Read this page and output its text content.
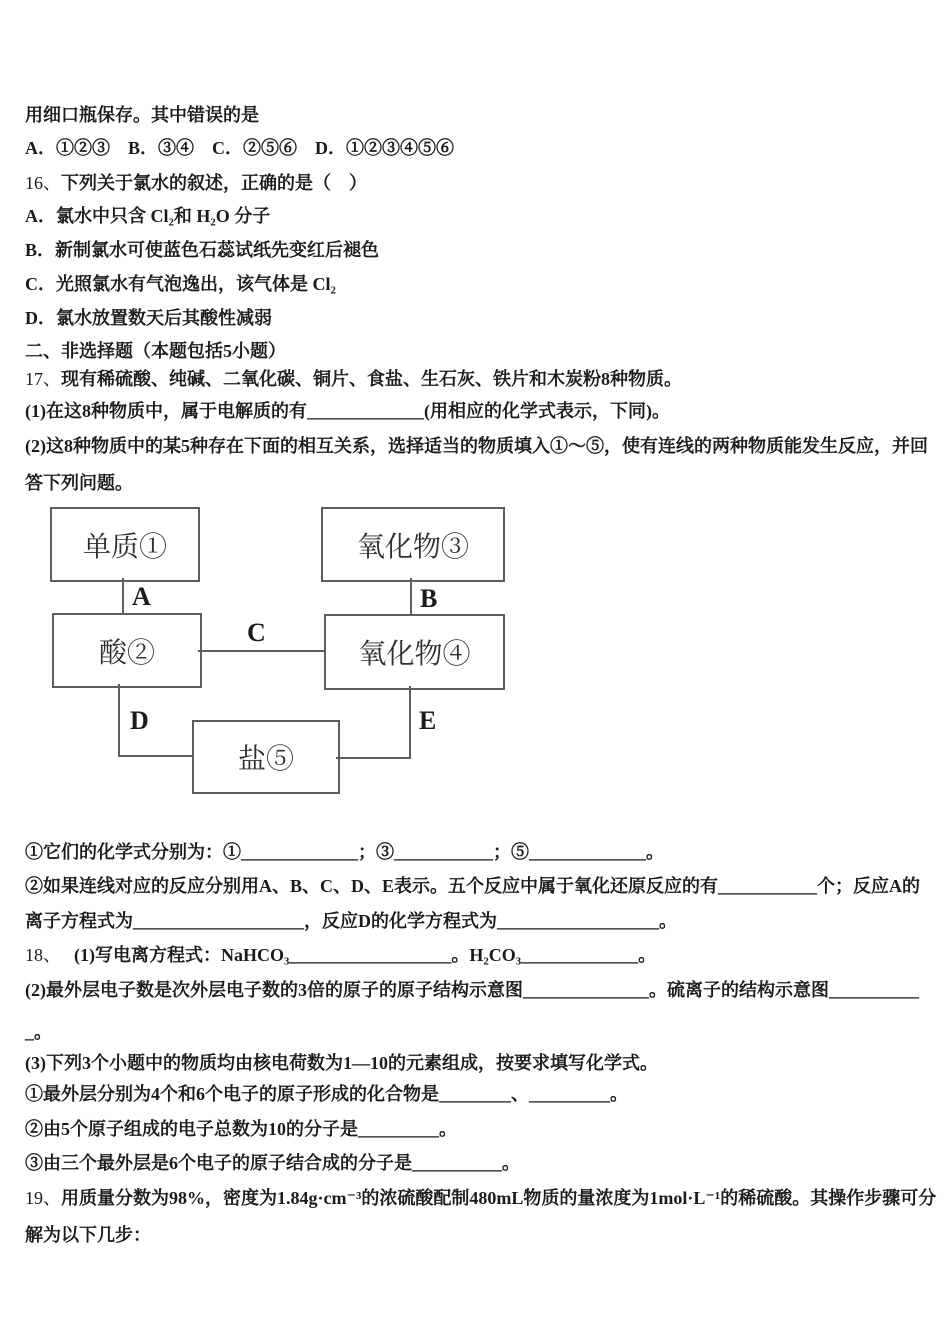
用细口瓶保存。其中错误的是

A．①②③　B．③④　C．②⑤⑥　D．①②③④⑤⑥

16、下列关于氯水的叙述，正确的是（　）

A．氯水中只含 Cl₂和 H₂O 分子

B．新制氯水可使蓝色石蕊试纸先变红后褪色

C．光照氯水有气泡逸出，该气体是 Cl₂

D．氯水放置数天后其酸性减弱

二、非选择题（本题包括5小题）

17、现有稀硫酸、纯碱、二氧化碳、铜片、食盐、生石灰、铁片和木炭粉8种物质。

(1)在这8种物质中，属于电解质的有_____________(用相应的化学式表示，下同)。

(2)这8种物质中的某5种存在下面的相互关系，选择适当的物质填入①～⑤，使有连线的两种物质能发生反应，并回

答下列问题。

单质①	氧化物③
酸②	氧化物④
盐⑤
A	B
C
D	E

①它们的化学式分别为：①_____________；③___________；⑤_____________。

②如果连线对应的反应分别用A、B、C、D、E表示。五个反应中属于氧化还原反应的有___________个；反应A的

离子方程式为___________________，反应D的化学方程式为__________________。

18、 (1)写电离方程式：NaHCO₃__________________。H₂CO₃_____________。

(2)最外层电子数是次外层电子数的3倍的原子的原子结构示意图______________。硫离子的结构示意图__________

_。

(3)下列3个小题中的物质均由核电荷数为1—10的元素组成，按要求填写化学式。

①最外层分别为4个和6个电子的原子形成的化合物是________、_________。

②由5个原子组成的电子总数为10的分子是_________。

③由三个最外层是6个电子的原子结合成的分子是__________。

19、用质量分数为98%，密度为1.84g·cm⁻³的浓硫酸配制480mL物质的量浓度为1mol·L⁻¹的稀硫酸。其操作步骤可分

解为以下几步：
